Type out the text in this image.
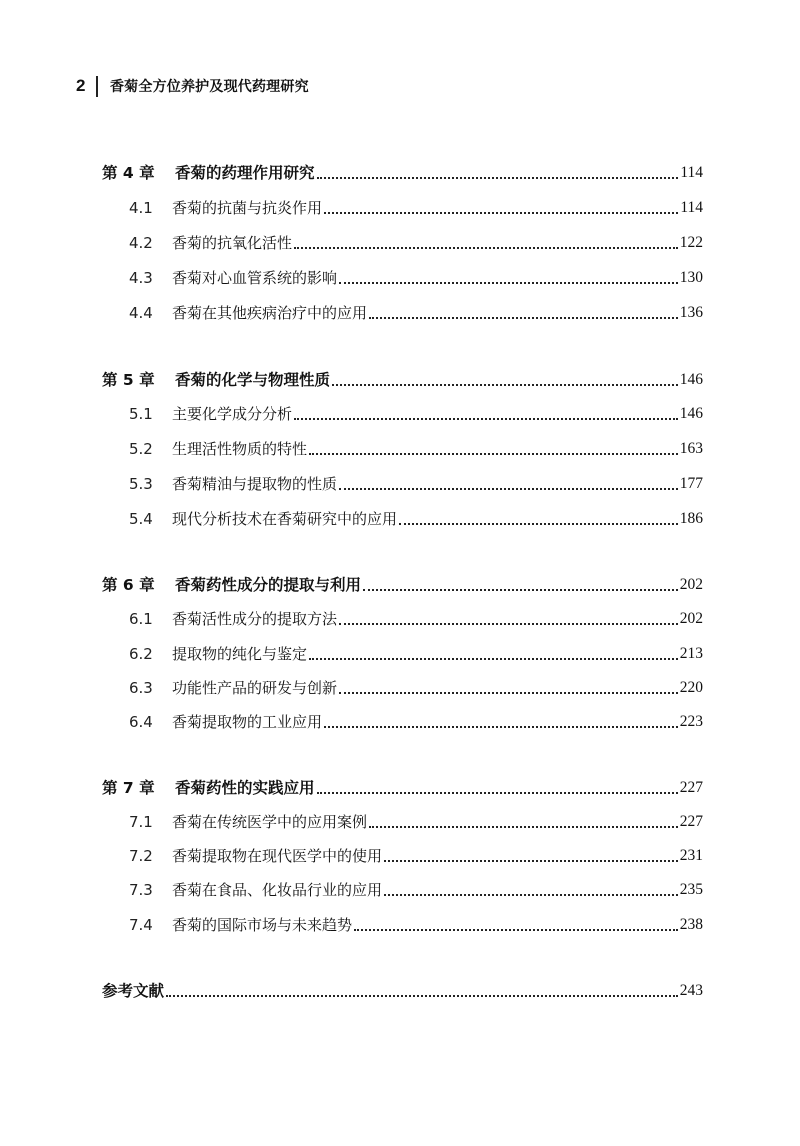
2 香菊全方位养护及现代药理研究
第 4 章	香菊的药理作用研究	114
4.1	香菊的抗菌与抗炎作用	114
4.2	香菊的抗氧化活性	122
4.3	香菊对心血管系统的影响	130
4.4	香菊在其他疾病治疗中的应用	136
第 5 章	香菊的化学与物理性质	146
5.1	主要化学成分分析	146
5.2	生理活性物质的特性	163
5.3	香菊精油与提取物的性质	177
5.4	现代分析技术在香菊研究中的应用	186
第 6 章	香菊药性成分的提取与利用	202
6.1	香菊活性成分的提取方法	202
6.2	提取物的纯化与鉴定	213
6.3	功能性产品的研发与创新	220
6.4	香菊提取物的工业应用	223
第 7 章	香菊药性的实践应用	227
7.1	香菊在传统医学中的应用案例	227
7.2	香菊提取物在现代医学中的使用	231
7.3	香菊在食品、化妆品行业的应用	235
7.4	香菊的国际市场与未来趋势	238
参考文献	243
